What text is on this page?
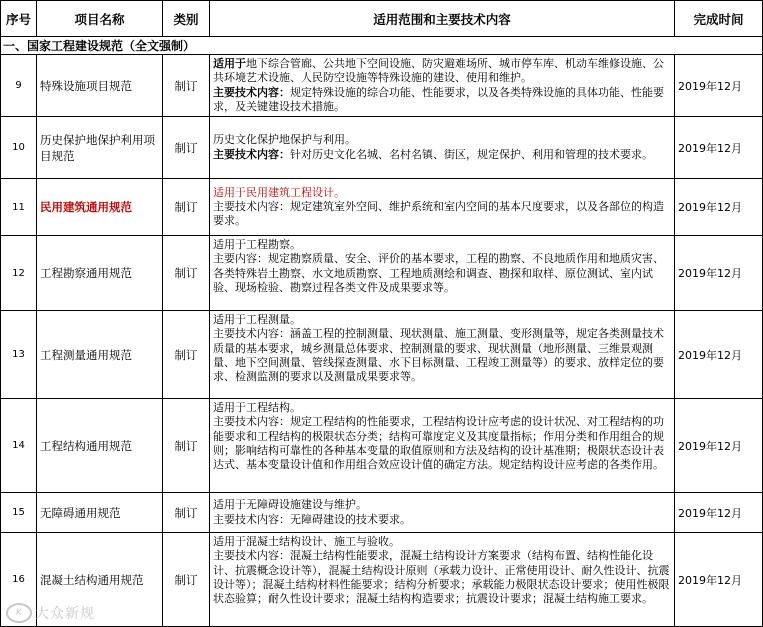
序号	项目名称	类别	适用范围和主要技术内容	完成时间
一、国家工程建设规范（全文强制）				
9	特殊设施项目规范	制订	适用于地下综合管廊、公共地下空间设施、防灾避难场所、城市停车库、机动车维修设施、公共环境艺术设施、人民防空设施等特殊设施的建设、使用和维护。
主要技术内容：规定特殊设施的综合功能、性能要求，以及各类特殊设施的具体功能、性能要求，及关键建设技术措施。	2019年12月
10	历史保护地保护利用项目规范	制订	历史文化保护地保护与利用。
主要技术内容：针对历史文化名城、名村名镇、街区，规定保护、利用和管理的技术要求。	2019年12月
11	民用建筑通用规范	制订	适用于民用建筑工程设计。
主要技术内容：规定建筑室外空间、维护系统和室内空间的基本尺度要求，以及各部位的构造要求。	2019年12月
12	工程勘察通用规范	制订	适用于工程勘察。
主要内容：规定勘察质量、安全、评价的基本要求，工程的勘察、不良地质作用和地质灾害、各类特殊岩土勘察、水文地质勘察、工程地质测绘和调查、勘探和取样、原位测试、室内试验、现场检验、勘察过程各类文件及成果要求等。	2019年12月
13	工程测量通用规范	制订	适用于工程测量。
主要技术内容：涵盖工程的控制测量、现状测量、施工测量、变形测量等，规定各类测量技术质量的基本要求，城乡测量总体要求、控制测量的要求、现状测量（地形测量、三维景观测量、地下空间测量、管线探查测量、水下目标测量、工程竣工测量等）的要求、放样定位的要求、检测监测的要求以及测量成果要求等。	2019年12月
14	工程结构通用规范	制订	适用于工程结构。
主要技术内容：规定工程结构的性能要求，工程结构设计应考虑的设计状况、对工程结构的功能要求和工程结构的极限状态分类；结构可靠度定义及其度量指标；作用分类和作用组合的规则；影响结构可靠性的各种基本变量的取值原则和方法及结构的设计基准期；极限状态设计表达式、基本变量设计值和作用组合效应设计值的确定方法。规定结构设计应考虑的各类作用。	2019年12月
15	无障碍通用规范	制订	适用于无障碍设施建设与维护。
主要技术内容：无障碍建设的技术要求。	2019年12月
16	混凝土结构通用规范	制订	适用于混凝土结构设计、施工与验收。
主要技术内容：混凝土结构性能要求，混凝土结构设计方案要求（结构布置、结构性能化设计、抗震概念设计等），混凝土结构设计原则（承载力设计、正常使用设计、耐久性设计、抗震设计等）；混凝土结构材料性能要求；结构分析要求；承载能力极限状态设计要求；使用性极限状态验算；耐久性设计要求；混凝土结构构造要求；抗震设计要求；混凝土结构施工要求。	2019年12月
K 大众新规
